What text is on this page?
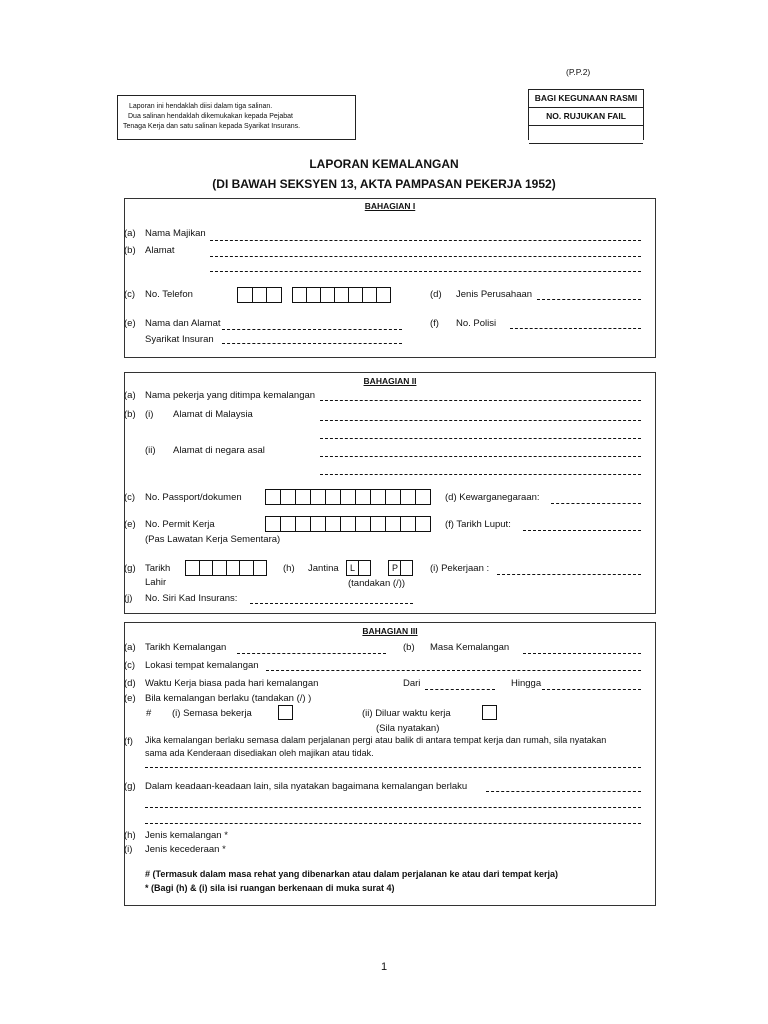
(P.P.2)
Laporan ini hendaklah diisi dalam tiga salinan.
Dua salinan hendaklah dikemukakan kepada Pejabat
Tenaga Kerja dan satu salinan kepada Syarikat Insurans.
BAGI KEGUNAAN RASMI
NO. RUJUKAN FAIL
LAPORAN KEMALANGAN
(DI BAWAH SEKSYEN 13, AKTA PAMPASAN PEKERJA 1952)
BAHAGIAN I
(a) Nama Majikan
(b) Alamat
(c) No. Telefon	(d) Jenis Perusahaan
(e) Nama dan Alamat
Syarikat Insuran
(f) No. Polisi
BAHAGIAN II
(a) Nama pekerja yang ditimpa kemalangan
(b) (i) Alamat di Malaysia
(ii) Alamat di negara asal
(c) No. Passport/dokumen	(d) Kewarganegaraan:
(e) No. Permit Kerja
(Pas Lawatan Kerja Sementara)
(f) Tarikh Luput:
(g) Tarikh
Lahir
(h) Jantina	L	P
(tandakan (/))
(i) Pekerjaan :
(j) No. Siri Kad Insurans:
BAHAGIAN III
(a) Tarikh Kemalangan	(b) Masa Kemalangan
(c) Lokasi tempat kemalangan
(d) Waktu Kerja biasa pada hari kemalangan	Dari	Hingga
(e) Bila kemalangan berlaku (tandakan (/) )
# (i) Semasa bekerja	(ii) Diluar waktu kerja
(Sila nyatakan)
(f) Jika kemalangan berlaku semasa dalam perjalanan pergi atau balik di antara tempat kerja dan rumah, sila nyatakan
sama ada Kenderaan disediakan oleh majikan atau tidak.
(g) Dalam keadaan-keadaan lain, sila nyatakan bagaimana kemalangan berlaku
(h) Jenis kemalangan *
(i) Jenis kecederaan *
# (Termasuk dalam masa rehat yang dibenarkan atau dalam perjalanan ke atau dari tempat kerja)
* (Bagi (h) & (i) sila isi ruangan berkenaan di muka surat 4)
1
